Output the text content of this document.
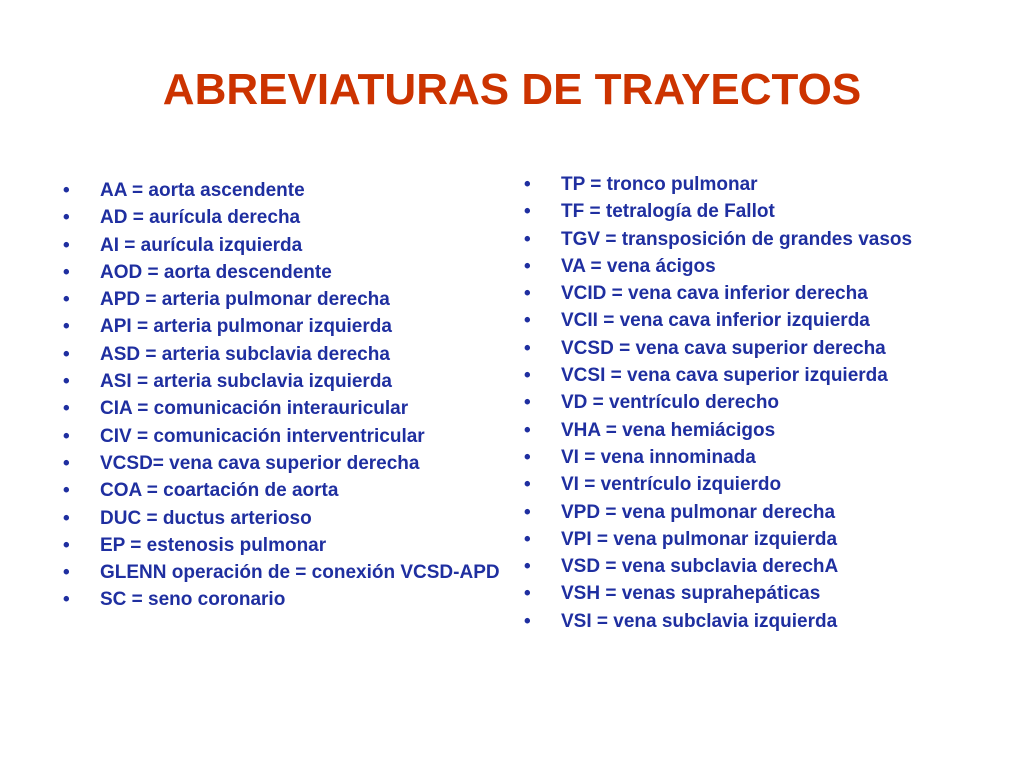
ABREVIATURAS DE TRAYECTOS
• AA = aorta ascendente
• AD = aurícula derecha
• AI = aurícula izquierda
• AOD = aorta descendente
• APD = arteria pulmonar derecha
• API = arteria pulmonar izquierda
• ASD = arteria subclavia derecha
• ASI = arteria subclavia izquierda
• CIA = comunicación interauricular
• CIV = comunicación interventricular
• VCSD= vena cava superior derecha
• COA = coartación de aorta
• DUC = ductus arterioso
• EP = estenosis pulmonar
• GLENN operación de = conexión VCSD-APD
• SC = seno coronario
• TP = tronco pulmonar
• TF = tetralogía de Fallot
• TGV = transposición de grandes vasos
• VA = vena ácigos
• VCID = vena cava inferior derecha
• VCII = vena cava inferior izquierda
• VCSD = vena cava superior derecha
• VCSI = vena cava superior izquierda
• VD = ventrículo derecho
• VHA = vena hemiácigos
• VI = vena innominada
• VI = ventrículo izquierdo
• VPD = vena pulmonar derecha
• VPI = vena pulmonar izquierda
• VSD = vena subclavia derechA
• VSH = venas suprahepáticas
• VSI = vena subclavia izquierda
